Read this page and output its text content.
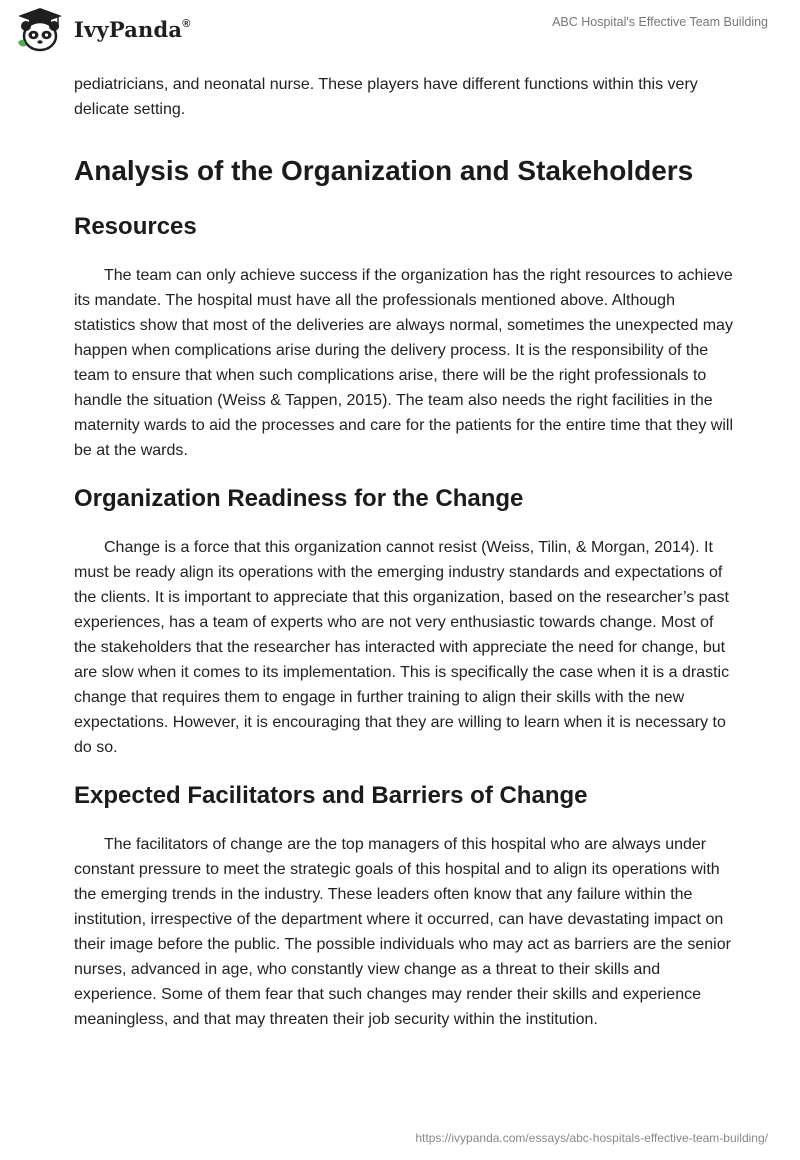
IvyPanda®	ABC Hospital's Effective Team Building

pediatricians, and neonatal nurse. These players have different functions within this very delicate setting.

Analysis of the Organization and Stakeholders
Resources

The team can only achieve success if the organization has the right resources to achieve its mandate. The hospital must have all the professionals mentioned above. Although statistics show that most of the deliveries are always normal, sometimes the unexpected may happen when complications arise during the delivery process. It is the responsibility of the team to ensure that when such complications arise, there will be the right professionals to handle the situation (Weiss & Tappen, 2015). The team also needs the right facilities in the maternity wards to aid the processes and care for the patients for the entire time that they will be at the wards.

Organization Readiness for the Change

Change is a force that this organization cannot resist (Weiss, Tilin, & Morgan, 2014). It must be ready align its operations with the emerging industry standards and expectations of the clients. It is important to appreciate that this organization, based on the researcher’s past experiences, has a team of experts who are not very enthusiastic towards change. Most of the stakeholders that the researcher has interacted with appreciate the need for change, but are slow when it comes to its implementation. This is specifically the case when it is a drastic change that requires them to engage in further training to align their skills with the new expectations. However, it is encouraging that they are willing to learn when it is necessary to do so.

Expected Facilitators and Barriers of Change

The facilitators of change are the top managers of this hospital who are always under constant pressure to meet the strategic goals of this hospital and to align its operations with the emerging trends in the industry. These leaders often know that any failure within the institution, irrespective of the department where it occurred, can have devastating impact on their image before the public. The possible individuals who may act as barriers are the senior nurses, advanced in age, who constantly view change as a threat to their skills and experience. Some of them fear that such changes may render their skills and experience meaningless, and that may threaten their job security within the institution.

https://ivypanda.com/essays/abc-hospitals-effective-team-building/
